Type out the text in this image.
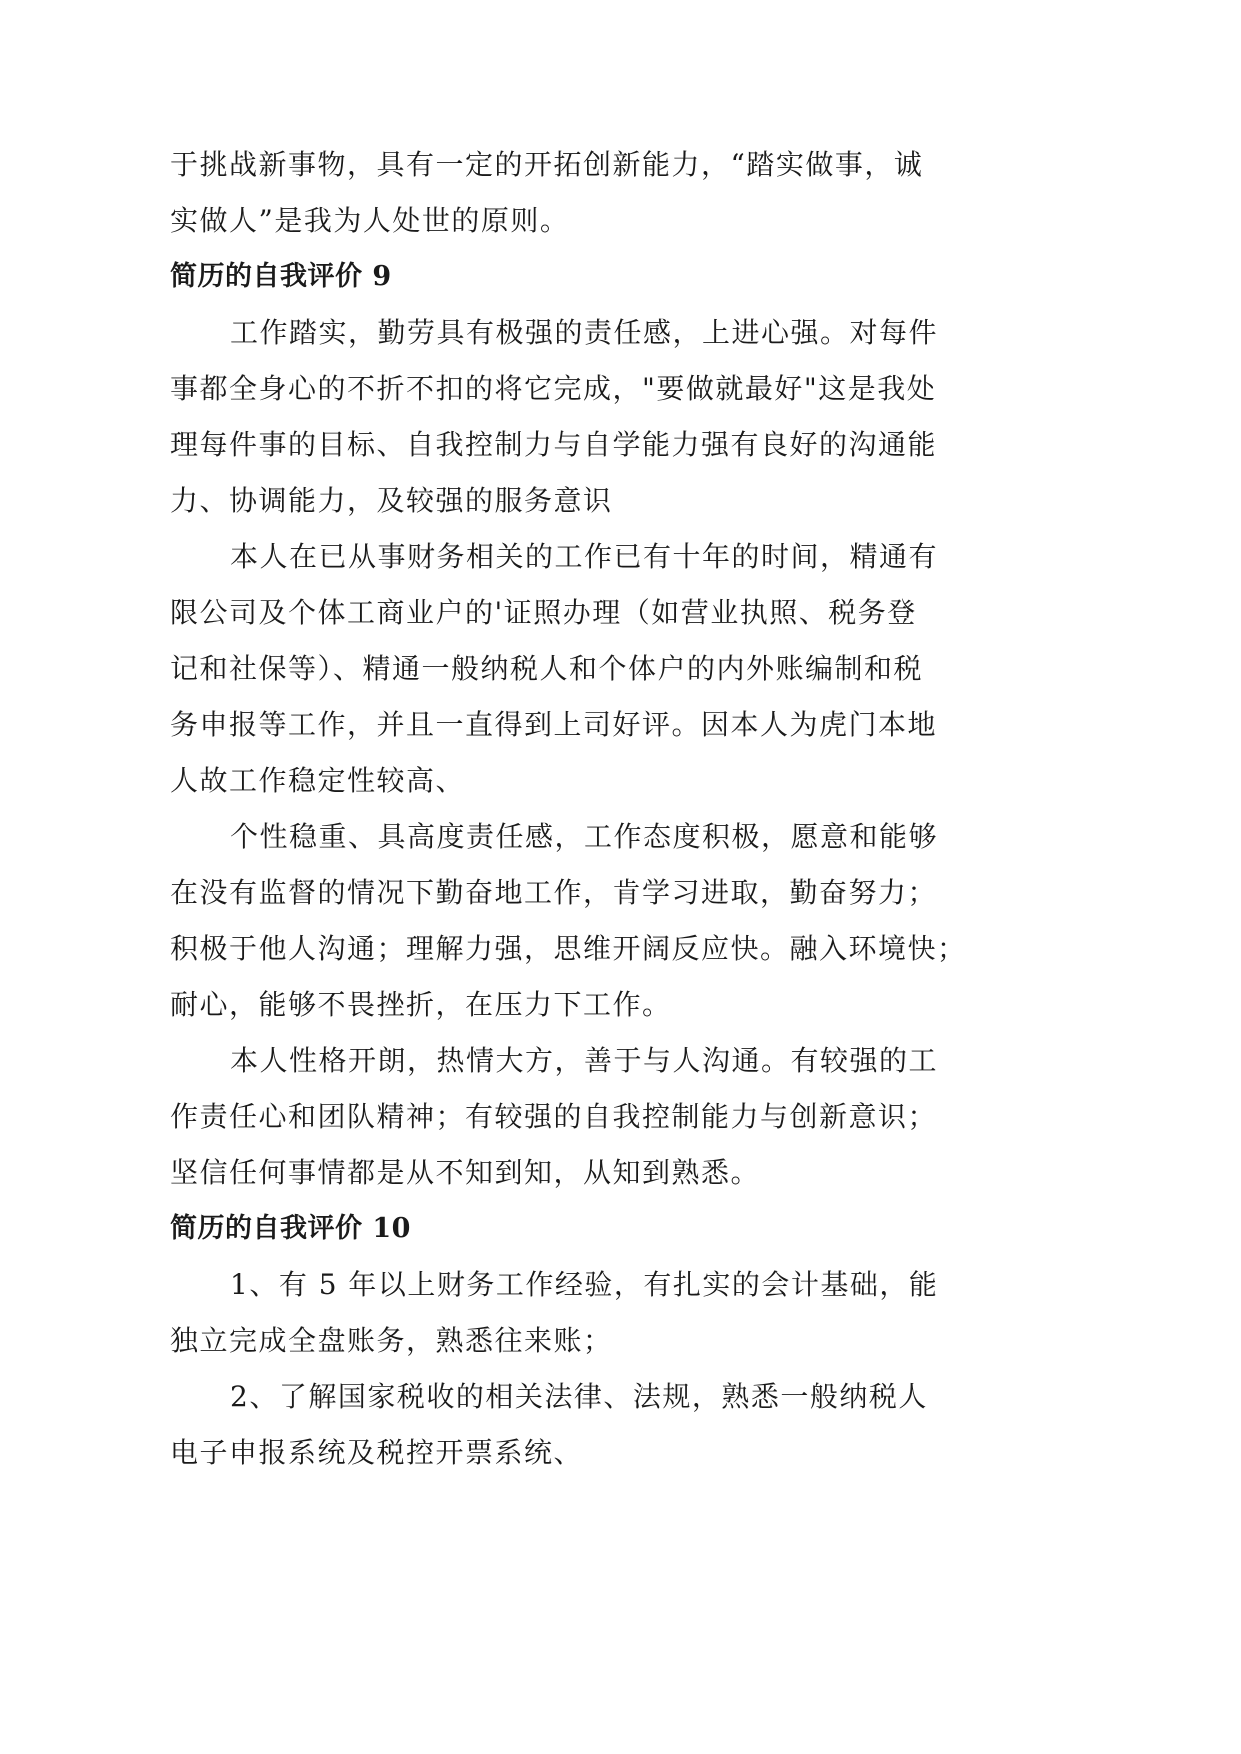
于挑战新事物，具有一定的开拓创新能力，“踏实做事，诚
实做人”是我为人处世的原则。

简历的自我评价 9

工作踏实，勤劳具有极强的责任感，上进心强。对每件
事都全身心的不折不扣的将它完成，"要做就最好"这是我处
理每件事的目标、自我控制力与自学能力强有良好的沟通能
力、协调能力，及较强的服务意识

本人在已从事财务相关的工作已有十年的时间，精通有
限公司及个体工商业户的'证照办理（如营业执照、税务登
记和社保等）、精通一般纳税人和个体户的内外账编制和税
务申报等工作，并且一直得到上司好评。因本人为虎门本地
人故工作稳定性较高、

个性稳重、具高度责任感，工作态度积极，愿意和能够
在没有监督的情况下勤奋地工作，肯学习进取，勤奋努力；
积极于他人沟通；理解力强，思维开阔反应快。融入环境快；
耐心，能够不畏挫折，在压力下工作。

本人性格开朗，热情大方，善于与人沟通。有较强的工
作责任心和团队精神；有较强的自我控制能力与创新意识；
坚信任何事情都是从不知到知，从知到熟悉。

简历的自我评价 10

1、有 5 年以上财务工作经验，有扎实的会计基础，能
独立完成全盘账务，熟悉往来账；

2、了解国家税收的相关法律、法规，熟悉一般纳税人
电子申报系统及税控开票系统、
